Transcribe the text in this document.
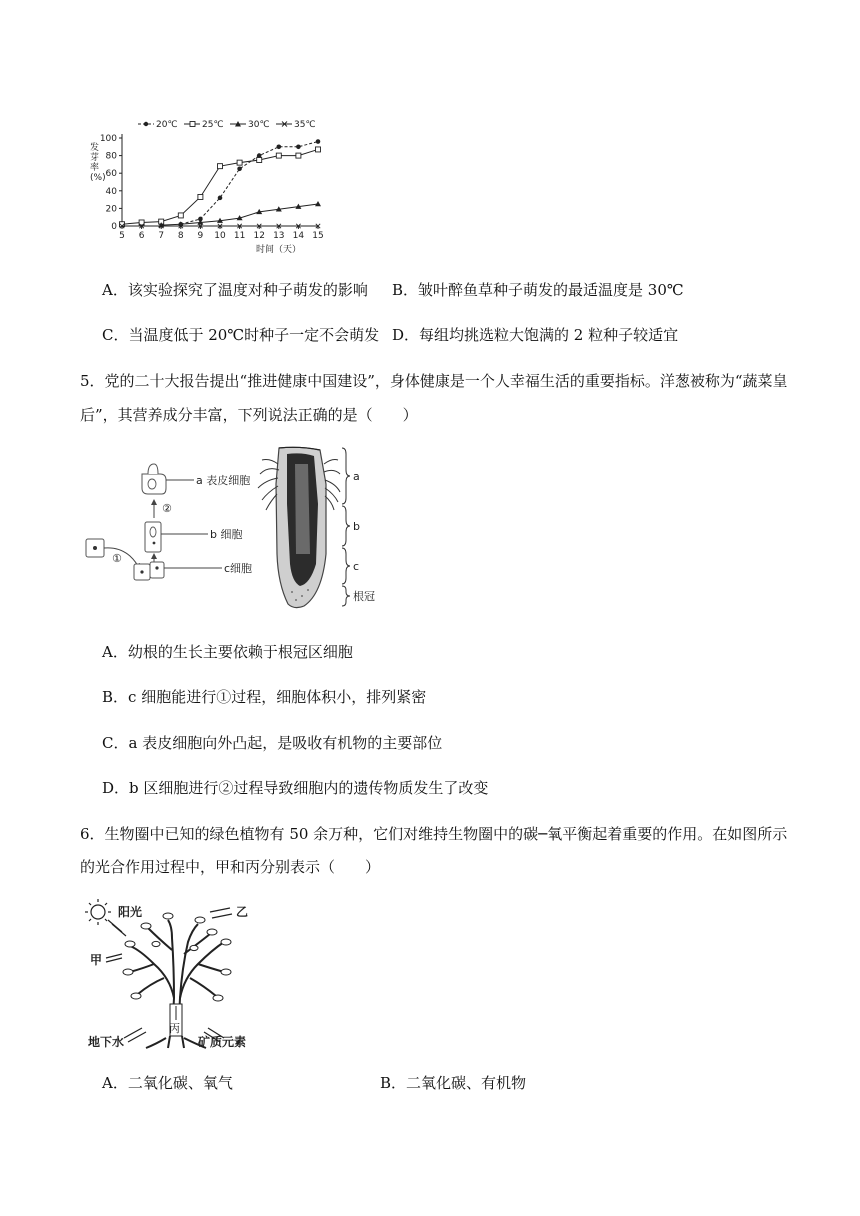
20℃	25℃	30℃	35℃
发芽率(%)
0
20
40
60
80
100
5 6 7 8 9 10 11 12 13 14 15
时间（天）
A．该实验探究了温度对种子萌发的影响 B．皱叶醉鱼草种子萌发的最适温度是 30℃
C．当温度低于 20℃时种子一定不会萌发 D．每组均挑选粒大饱满的 2 粒种子较适宜
5．党的二十大报告提出“推进健康中国建设”，身体健康是一个人幸福生活的重要指标。洋葱被称为“蔬菜皇
后”，其营养成分丰富，下列说法正确的是（　　）
a 表皮细胞
②
b 细胞
①
c细胞
a
b
c
根冠
A．幼根的生长主要依赖于根冠区细胞
B．c 细胞能进行①过程，细胞体积小，排列紧密
C．a 表皮细胞向外凸起，是吸收有机物的主要部位
D．b 区细胞进行②过程导致细胞内的遗传物质发生了改变
6．生物圈中已知的绿色植物有 50 余万种，它们对维持生物圈中的碳─氧平衡起着重要的作用。在如图所示
的光合作用过程中，甲和丙分别表示（　　）
阳光
丙
甲
乙
地下水	矿质元素
A．二氧化碳、氧气	B．二氧化碳、有机物
